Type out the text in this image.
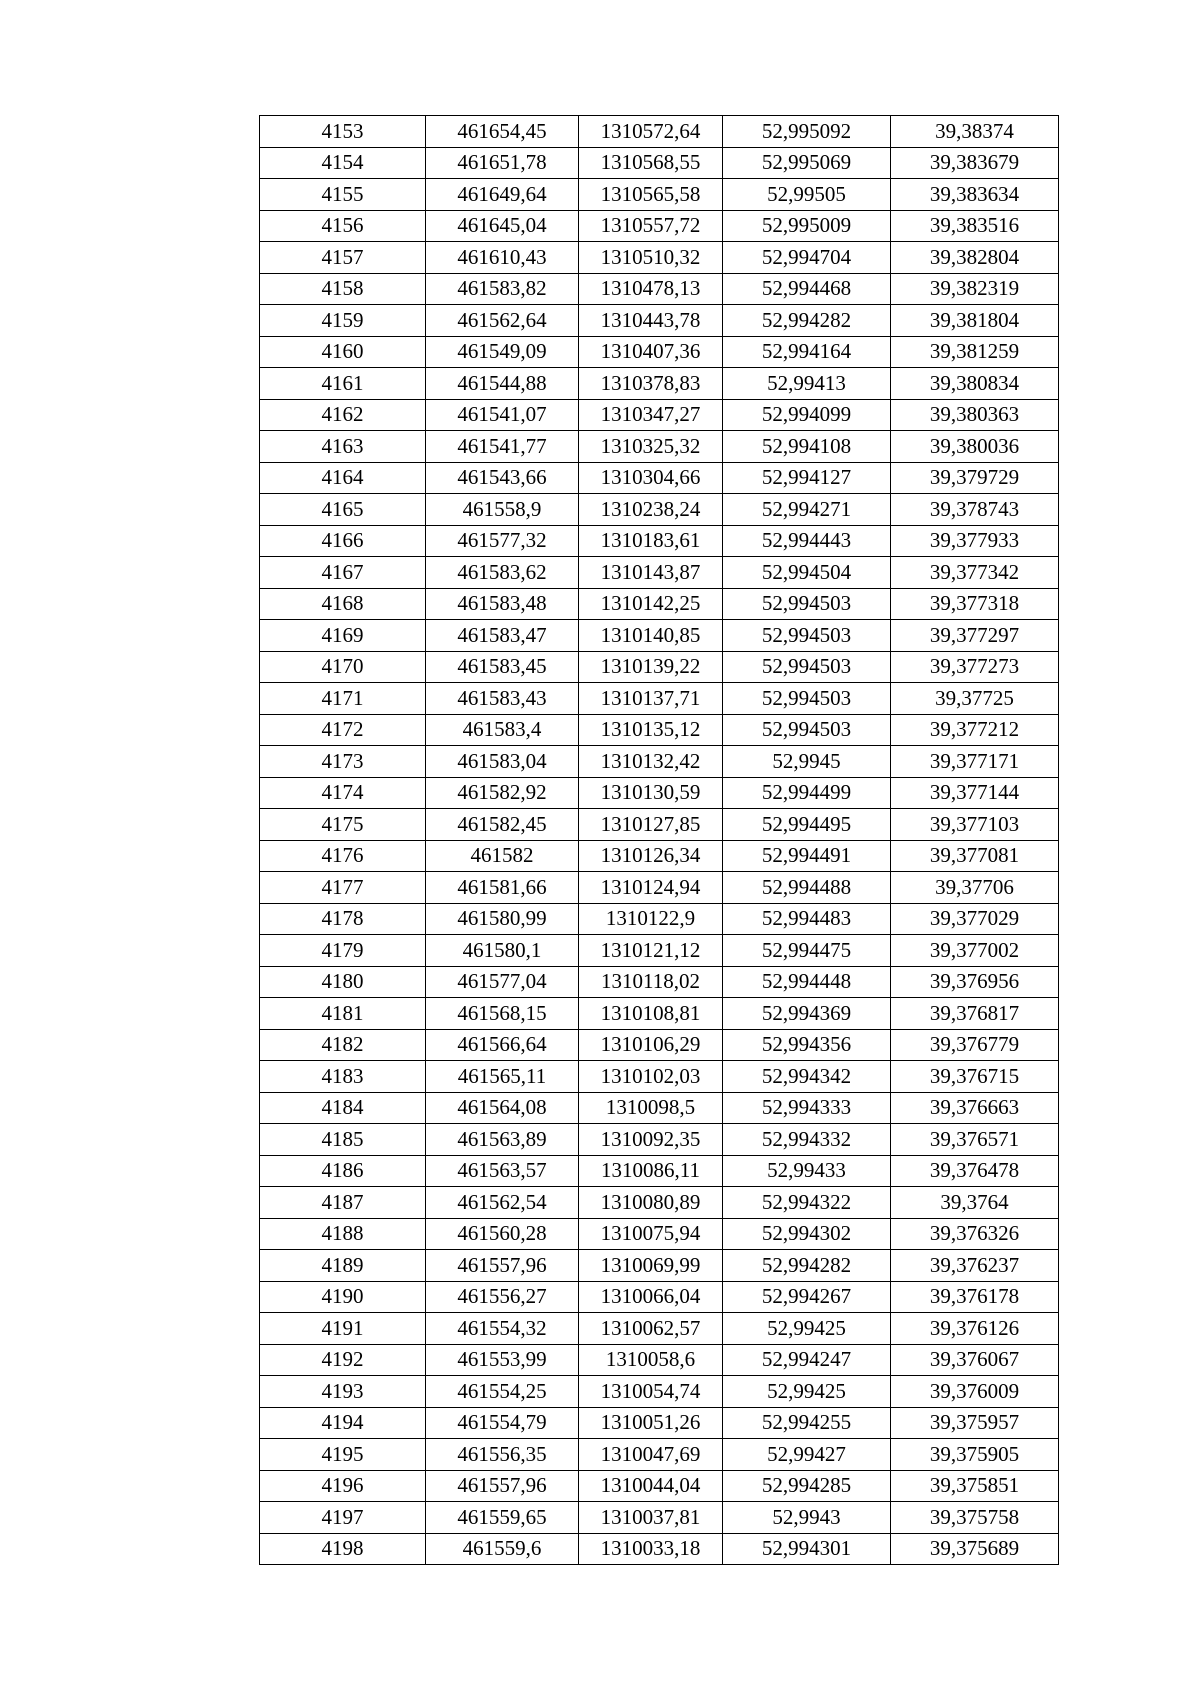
4153	461654,45	1310572,64	52,995092	39,38374
4154	461651,78	1310568,55	52,995069	39,383679
4155	461649,64	1310565,58	52,99505	39,383634
4156	461645,04	1310557,72	52,995009	39,383516
4157	461610,43	1310510,32	52,994704	39,382804
4158	461583,82	1310478,13	52,994468	39,382319
4159	461562,64	1310443,78	52,994282	39,381804
4160	461549,09	1310407,36	52,994164	39,381259
4161	461544,88	1310378,83	52,99413	39,380834
4162	461541,07	1310347,27	52,994099	39,380363
4163	461541,77	1310325,32	52,994108	39,380036
4164	461543,66	1310304,66	52,994127	39,379729
4165	461558,9	1310238,24	52,994271	39,378743
4166	461577,32	1310183,61	52,994443	39,377933
4167	461583,62	1310143,87	52,994504	39,377342
4168	461583,48	1310142,25	52,994503	39,377318
4169	461583,47	1310140,85	52,994503	39,377297
4170	461583,45	1310139,22	52,994503	39,377273
4171	461583,43	1310137,71	52,994503	39,37725
4172	461583,4	1310135,12	52,994503	39,377212
4173	461583,04	1310132,42	52,9945	39,377171
4174	461582,92	1310130,59	52,994499	39,377144
4175	461582,45	1310127,85	52,994495	39,377103
4176	461582	1310126,34	52,994491	39,377081
4177	461581,66	1310124,94	52,994488	39,37706
4178	461580,99	1310122,9	52,994483	39,377029
4179	461580,1	1310121,12	52,994475	39,377002
4180	461577,04	1310118,02	52,994448	39,376956
4181	461568,15	1310108,81	52,994369	39,376817
4182	461566,64	1310106,29	52,994356	39,376779
4183	461565,11	1310102,03	52,994342	39,376715
4184	461564,08	1310098,5	52,994333	39,376663
4185	461563,89	1310092,35	52,994332	39,376571
4186	461563,57	1310086,11	52,99433	39,376478
4187	461562,54	1310080,89	52,994322	39,3764
4188	461560,28	1310075,94	52,994302	39,376326
4189	461557,96	1310069,99	52,994282	39,376237
4190	461556,27	1310066,04	52,994267	39,376178
4191	461554,32	1310062,57	52,99425	39,376126
4192	461553,99	1310058,6	52,994247	39,376067
4193	461554,25	1310054,74	52,99425	39,376009
4194	461554,79	1310051,26	52,994255	39,375957
4195	461556,35	1310047,69	52,99427	39,375905
4196	461557,96	1310044,04	52,994285	39,375851
4197	461559,65	1310037,81	52,9943	39,375758
4198	461559,6	1310033,18	52,994301	39,375689
